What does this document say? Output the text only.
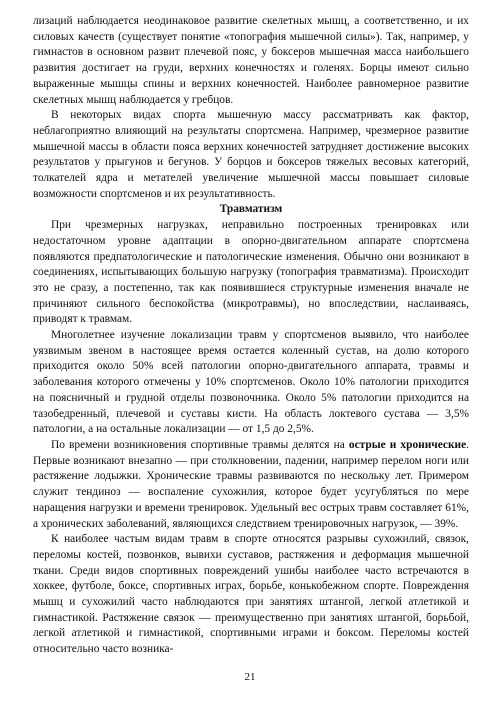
лизаций наблюдается неодинаковое развитие скелетных мышц, а соответственно, и их силовых качеств (существует понятие «топография мышечной силы»). Так, например, у гимнастов в основном развит плечевой пояс, у боксеров мышечная масса наибольшего развития достигает на груди, верхних конечностях и голенях. Борцы имеют сильно выраженные мышцы спины и верхних конечностей. Наиболее равномерное развитие скелетных мышц наблюдается у гребцов.

В некоторых видах спорта мышечную массу рассматривать как фактор, неблагоприятно влияющий на результаты спортсмена. Например, чрезмерное развитие мышечной массы в области пояса верхних конечностей затрудняет достижение высоких результатов у прыгунов и бегунов. У борцов и боксеров тяжелых весовых категорий, толкателей ядра и метателей увеличение мышечной массы повышает силовые возможности спортсменов и их результативность.

Травматизм

При чрезмерных нагрузках, неправильно построенных тренировках или недостаточном уровне адаптации в опорно-двигательном аппарате спортсмена появляются предпатологические и патологические изменения. Обычно они возникают в соединениях, испытывающих большую нагрузку (топография травматизма). Происходит это не сразу, а постепенно, так как появившиеся структурные изменения вначале не причиняют сильного беспокойства (микротравмы), но впоследствии, наслаиваясь, приводят к травмам.

Многолетнее изучение локализации травм у спортсменов выявило, что наиболее уязвимым звеном в настоящее время остается коленный сустав, на долю которого приходится около 50% всей патологии опорно-двигательного аппарата, травмы и заболевания которого отмечены у 10% спортсменов. Около 10% патологии приходится на поясничный и грудной отделы позвоночника. Около 5% патологии приходится на тазобедренный, плечевой и суставы кисти. На область локтевого сустава — 3,5% патологии, а на остальные локализации — от 1,5 до 2,5%.

По времени возникновения спортивные травмы делятся на острые и хронические. Первые возникают внезапно — при столкновении, падении, например перелом ноги или растяжение лодыжки. Хронические травмы развиваются по нескольку лет. Примером служит тендиноз — воспаление сухожилия, которое будет усугубляться по мере наращения нагрузки и времени тренировок. Удельный вес острых травм составляет 61%, а хронических заболеваний, являющихся следствием тренировочных нагрузок, — 39%.

К наиболее частым видам травм в спорте относятся разрывы сухожилий, связок, переломы костей, позвонков, вывихи суставов, растяжения и деформация мышечной ткани. Среди видов спортивных повреждений ушибы наиболее часто встречаются в хоккее, футболе, боксе, спортивных играх, борьбе, конькобежном спорте. Повреждения мышц и сухожилий часто наблюдаются при занятиях штангой, легкой атлетикой и гимнастикой. Растяжение связок — преимущественно при занятиях штангой, борьбой, легкой атлетикой и гимнастикой, спортивными играми и боксом. Переломы костей относительно часто возника-

21
